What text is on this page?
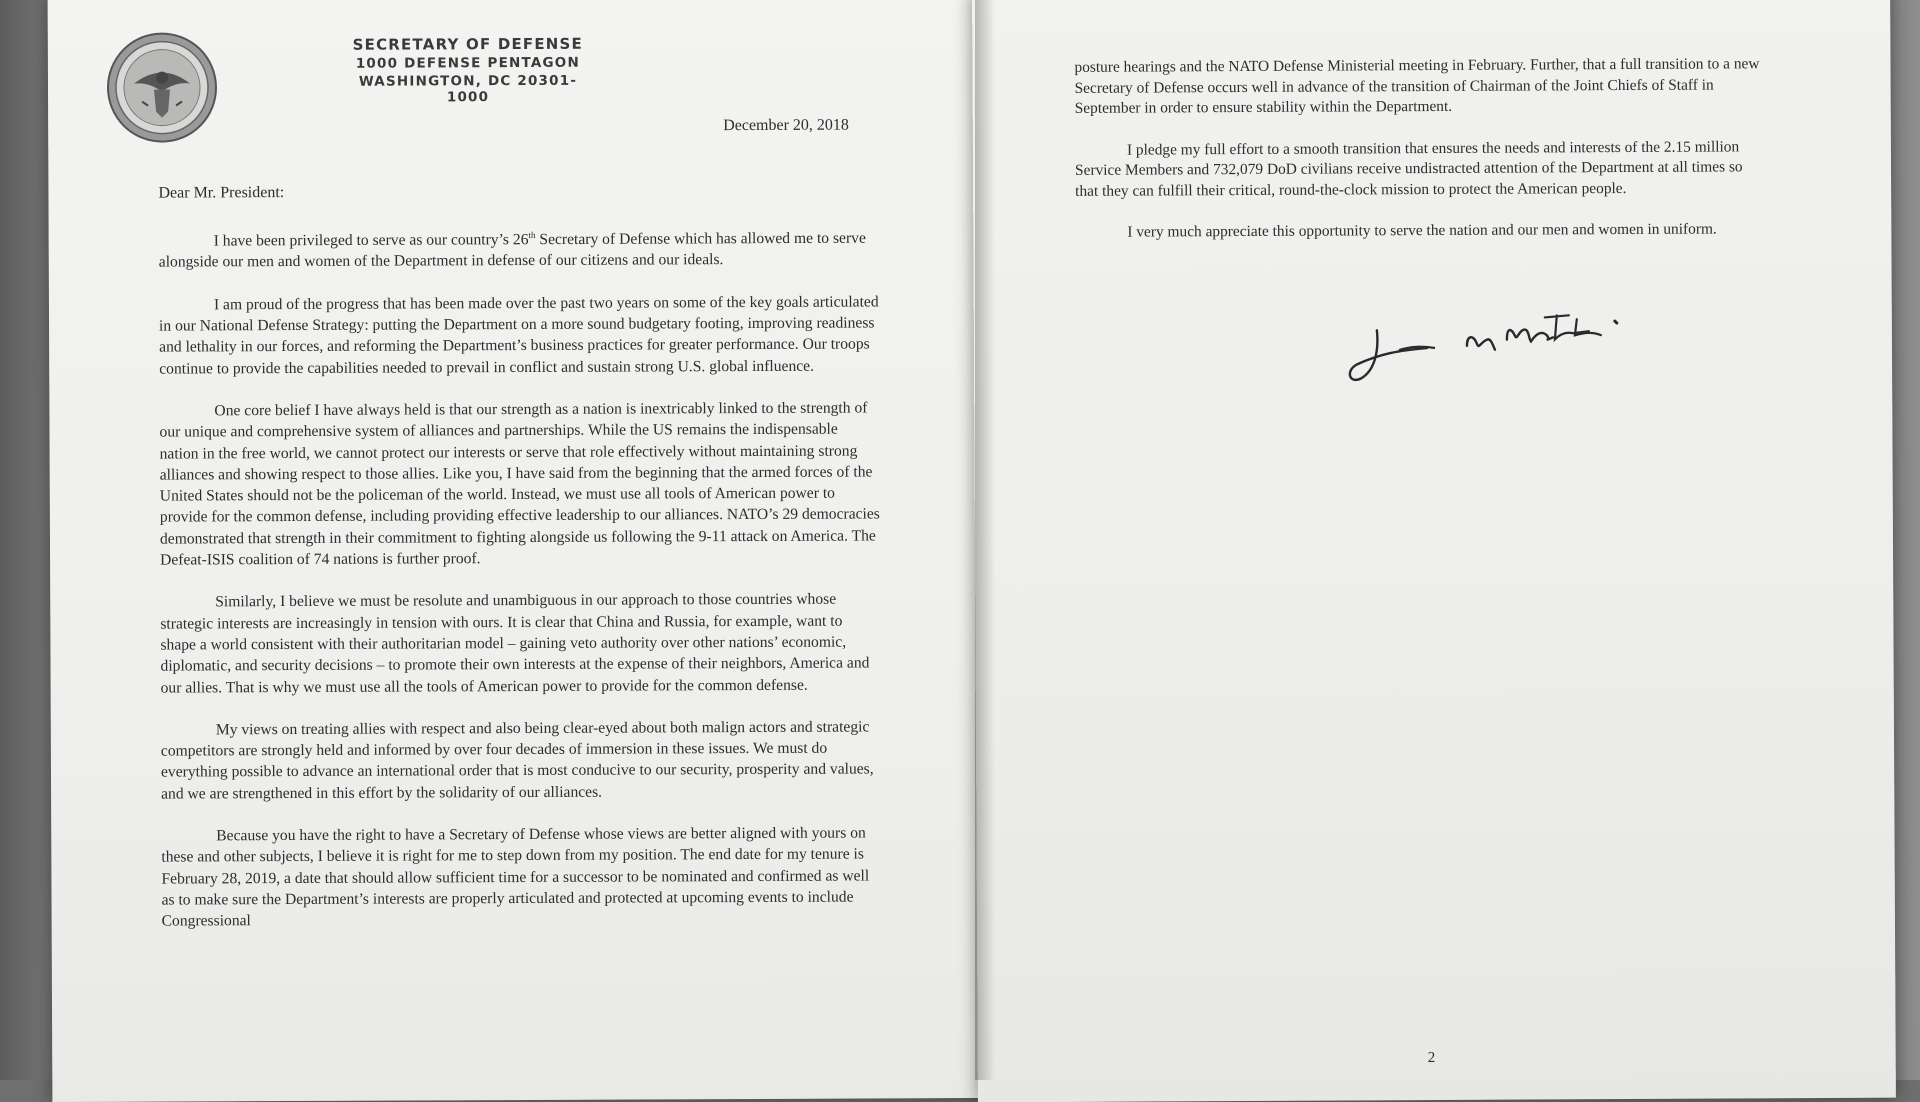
SECRETARY OF DEFENSE
1000 DEFENSE PENTAGON
WASHINGTON, DC 20301-1000
December 20, 2018
Dear Mr. President:

I have been privileged to serve as our country’s 26th Secretary of Defense which has allowed me to serve alongside our men and women of the Department in defense of our citizens and our ideals.

I am proud of the progress that has been made over the past two years on some of the key goals articulated in our National Defense Strategy: putting the Department on a more sound budgetary footing, improving readiness and lethality in our forces, and reforming the Department’s business practices for greater performance. Our troops continue to provide the capabilities needed to prevail in conflict and sustain strong U.S. global influence.

One core belief I have always held is that our strength as a nation is inextricably linked to the strength of our unique and comprehensive system of alliances and partnerships. While the US remains the indispensable nation in the free world, we cannot protect our interests or serve that role effectively without maintaining strong alliances and showing respect to those allies. Like you, I have said from the beginning that the armed forces of the United States should not be the policeman of the world. Instead, we must use all tools of American power to provide for the common defense, including providing effective leadership to our alliances. NATO’s 29 democracies demonstrated that strength in their commitment to fighting alongside us following the 9-11 attack on America. The Defeat-ISIS coalition of 74 nations is further proof.

Similarly, I believe we must be resolute and unambiguous in our approach to those countries whose strategic interests are increasingly in tension with ours. It is clear that China and Russia, for example, want to shape a world consistent with their authoritarian model – gaining veto authority over other nations’ economic, diplomatic, and security decisions – to promote their own interests at the expense of their neighbors, America and our allies. That is why we must use all the tools of American power to provide for the common defense.

My views on treating allies with respect and also being clear-eyed about both malign actors and strategic competitors are strongly held and informed by over four decades of immersion in these issues. We must do everything possible to advance an international order that is most conducive to our security, prosperity and values, and we are strengthened in this effort by the solidarity of our alliances.

Because you have the right to have a Secretary of Defense whose views are better aligned with yours on these and other subjects, I believe it is right for me to step down from my position. The end date for my tenure is February 28, 2019, a date that should allow sufficient time for a successor to be nominated and confirmed as well as to make sure the Department’s interests are properly articulated and protected at upcoming events to include Congressional

posture hearings and the NATO Defense Ministerial meeting in February. Further, that a full transition to a new Secretary of Defense occurs well in advance of the transition of Chairman of the Joint Chiefs of Staff in September in order to ensure stability within the Department.

I pledge my full effort to a smooth transition that ensures the needs and interests of the 2.15 million Service Members and 732,079 DoD civilians receive undistracted attention of the Department at all times so that they can fulfill their critical, round-the-clock mission to protect the American people.

I very much appreciate this opportunity to serve the nation and our men and women in uniform.

2
